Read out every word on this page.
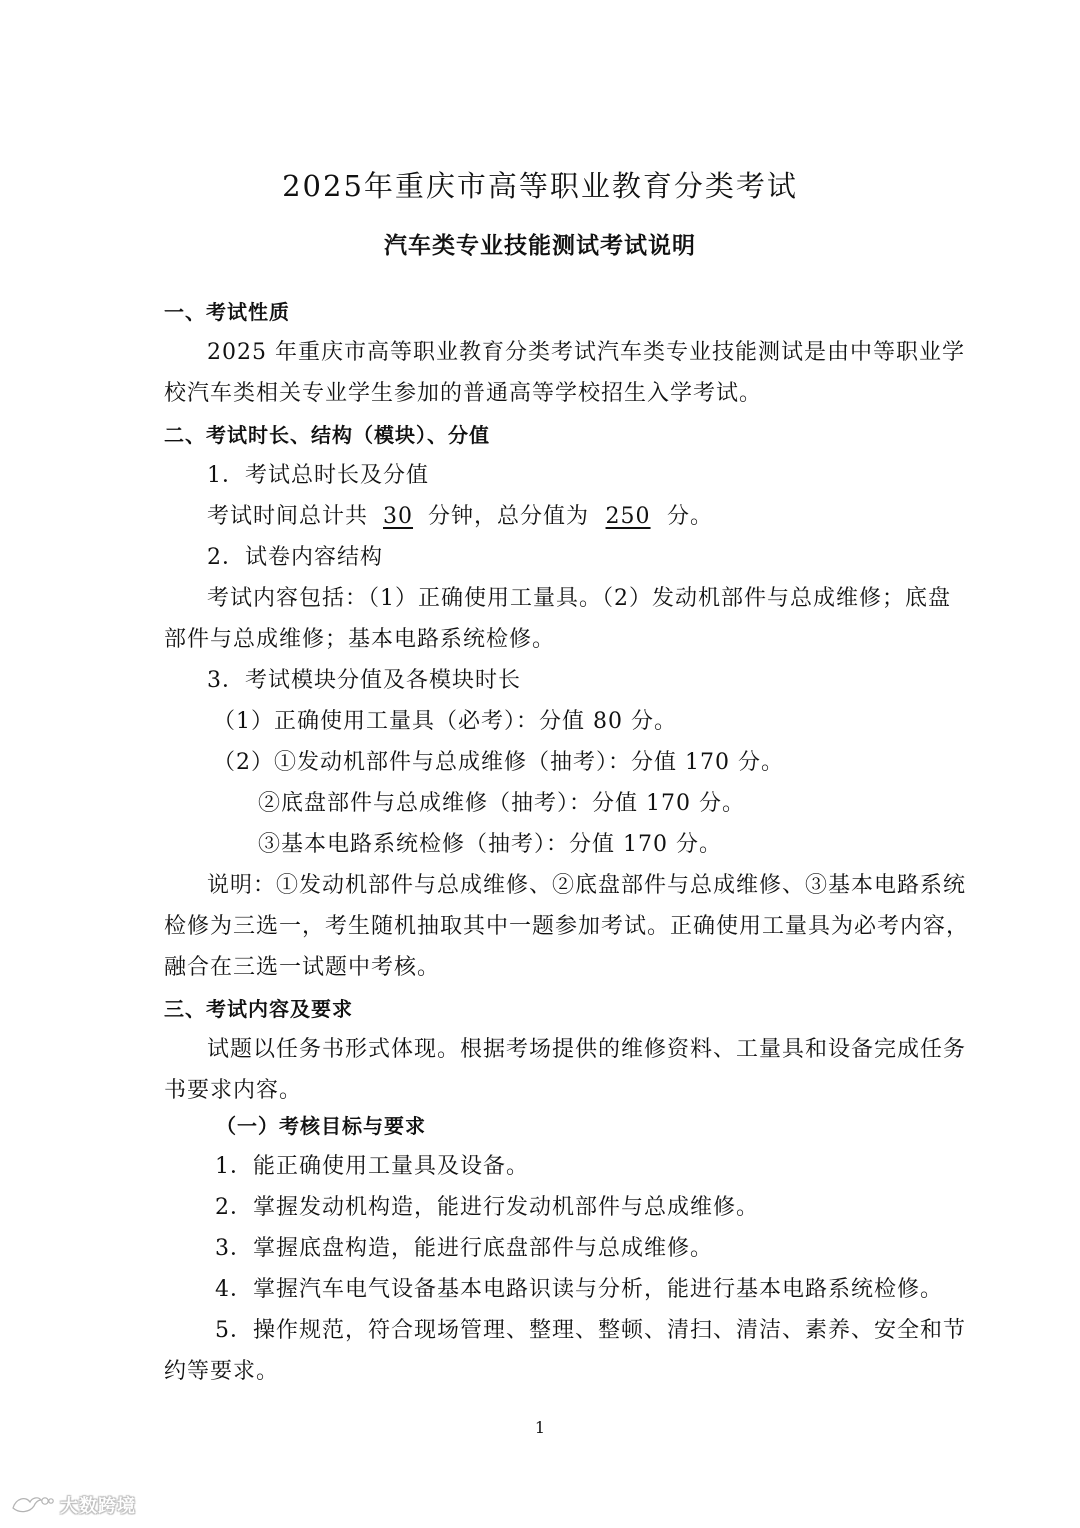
2025年重庆市高等职业教育分类考试

汽车类专业技能测试考试说明

一、考试性质

2025 年重庆市高等职业教育分类考试汽车类专业技能测试是由中等职业学

校汽车类相关专业学生参加的普通高等学校招生入学考试。

二、考试时长、结构（模块）、分值

1．考试总时长及分值

考试时间总计共 30 分钟，总分值为 250 分。

2．试卷内容结构

考试内容包括：（1）正确使用工量具。（2）发动机部件与总成维修；底盘

部件与总成维修；基本电路系统检修。

3．考试模块分值及各模块时长

（1）正确使用工量具（必考）：分值 80 分。

（2）①发动机部件与总成维修（抽考）：分值 170 分。

②底盘部件与总成维修（抽考）：分值 170 分。

③基本电路系统检修（抽考）：分值 170 分。

说明：①发动机部件与总成维修、②底盘部件与总成维修、③基本电路系统

检修为三选一，考生随机抽取其中一题参加考试。正确使用工量具为必考内容，

融合在三选一试题中考核。

三、考试内容及要求

试题以任务书形式体现。根据考场提供的维修资料、工量具和设备完成任务

书要求内容。

（一）考核目标与要求

1．能正确使用工量具及设备。

2．掌握发动机构造，能进行发动机部件与总成维修。

3．掌握底盘构造，能进行底盘部件与总成维修。

4．掌握汽车电气设备基本电路识读与分析，能进行基本电路系统检修。

5．操作规范，符合现场管理、整理、整顿、清扫、清洁、素养、安全和节

约等要求。

1
大数跨境
